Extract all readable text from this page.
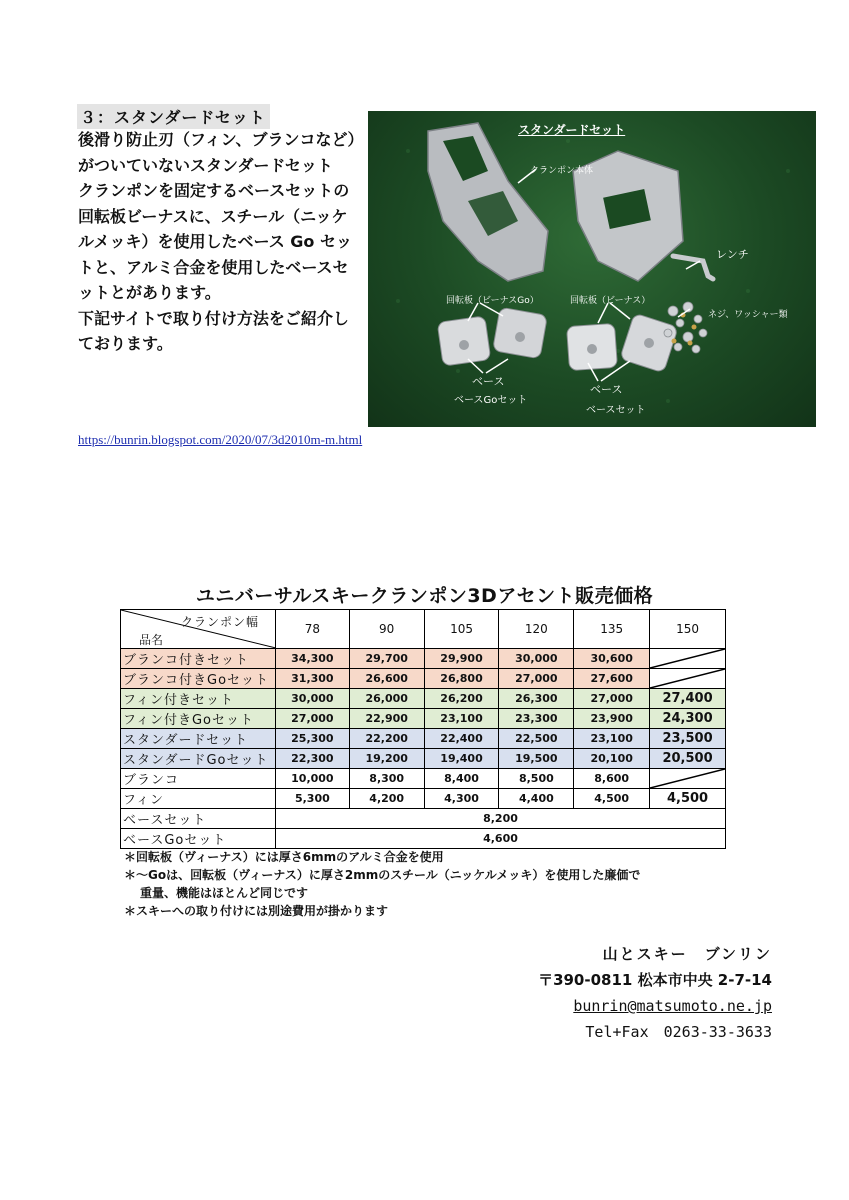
３：スタンダードセット

後滑り防止刃（フィン、ブランコなど）がついていないスタンダードセット

クランポンを固定するベースセットの回転板ビーナスに、スチール（ニッケルメッキ）を使用したベース Go セットと、アルミ合金を使用したベースセットとがあります。

下記サイトで取り付け方法をご紹介しております。

スタンダードセット
クランポン本体
レンチ
ネジ、ワッシャー類
回転板（ビーナスGo）	回転板（ビーナス）
ベース
ベース
ベースGoセット
ベースセット
https://bunrin.blogspot.com/2020/07/3d2010m-m.html
ユニバーサルスキークランポン3Dアセント販売価格
クランポン幅
品名	78	90	105	120	135	150
ブランコ付きセット	34,300	29,700	29,900	30,000	30,600	

ブランコ付きGoセット	31,300	26,600	26,800	27,000	27,600	

フィン付きセット	30,000	26,000	26,200	26,300	27,000	27,400
フィン付きGoセット	27,000	22,900	23,100	23,300	23,900	24,300
スタンダードセット	25,300	22,200	22,400	22,500	23,100	23,500
スタンダードGoセット	22,300	19,200	19,400	19,500	20,100	20,500
ブランコ	10,000	8,300	8,400	8,500	8,600	

フィン	5,300	4,200	4,300	4,400	4,500	4,500
ベースセット	8,200					
ベースGoセット	4,600					
＊回転板（ヴィーナス）には厚さ6mmのアルミ合金を使用
＊～Goは、回転板（ヴィーナス）に厚さ2mmのスチール（ニッケルメッキ）を使用した廉価で
重量、機能はほとんど同じです
＊スキーへの取り付けには別途費用が掛かります
山とスキー　ブンリン
〒390-0811 松本市中央 2-7-14
bunrin@matsumoto.ne.jp
Tel+Fax　0263-33-3633
